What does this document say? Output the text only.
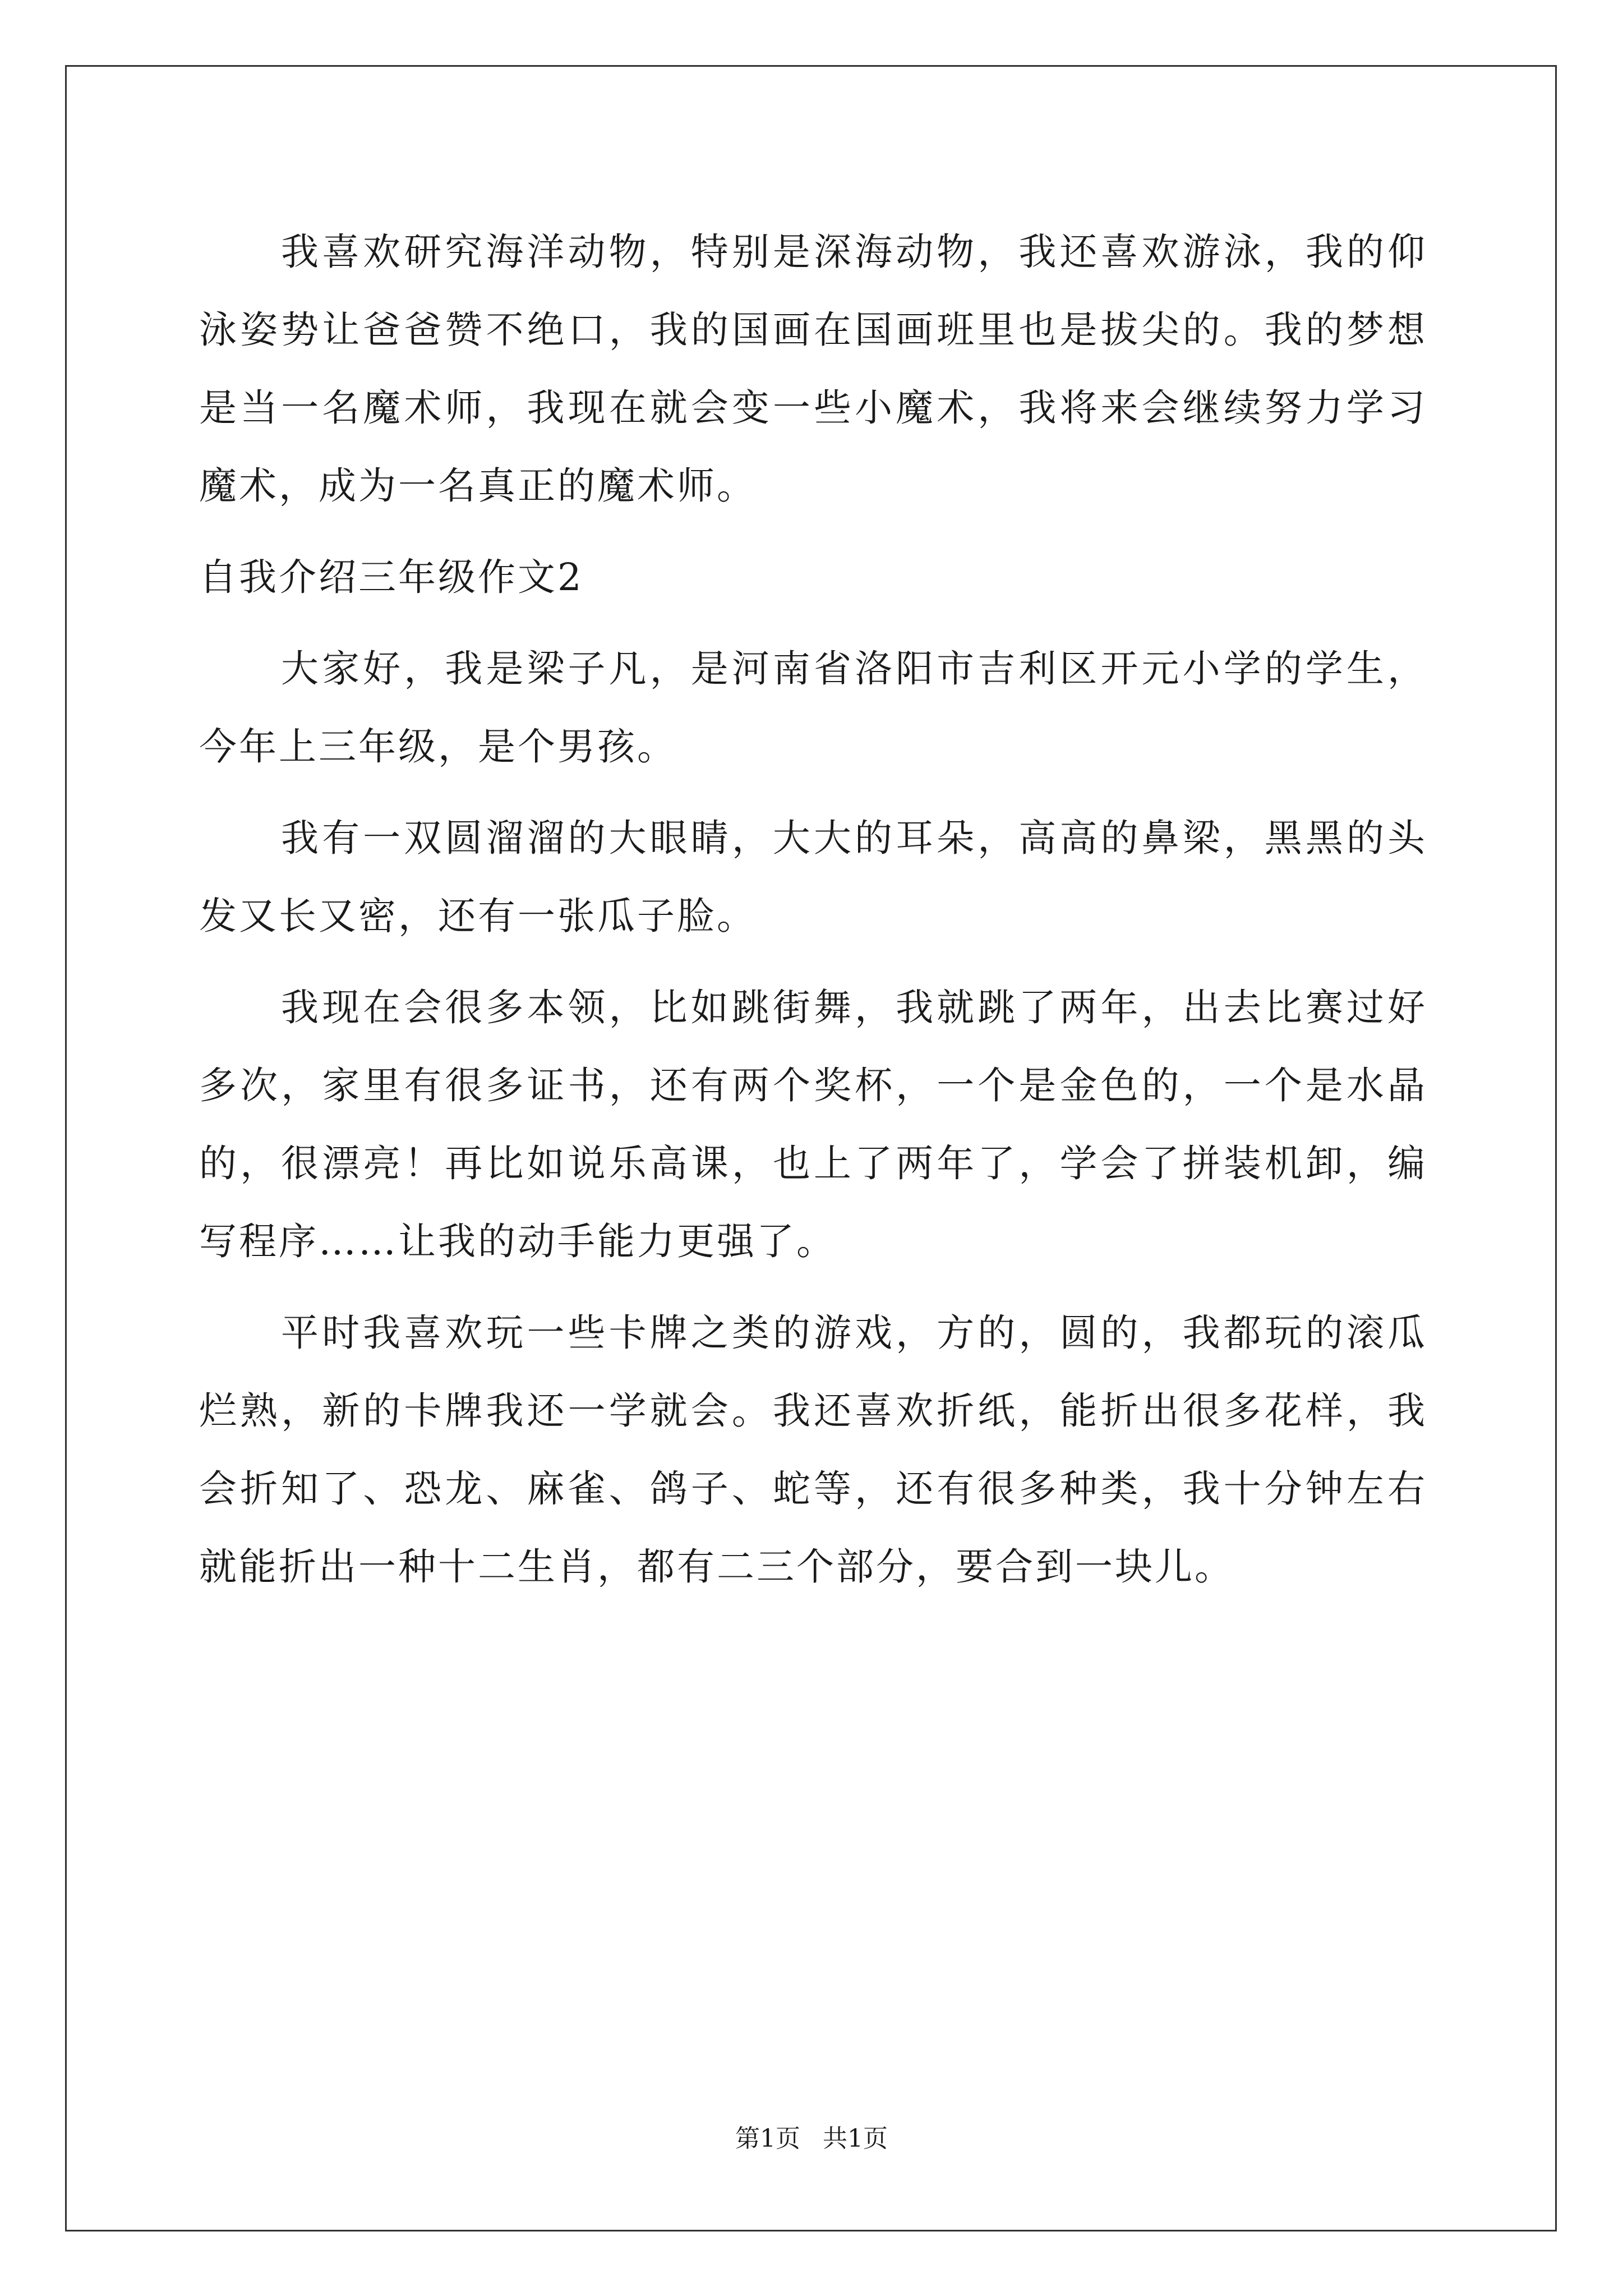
我喜欢研究海洋动物，特别是深海动物，我还喜欢游泳，我的仰泳姿势让爸爸赞不绝口，我的国画在国画班里也是拔尖的。我的梦想是当一名魔术师，我现在就会变一些小魔术，我将来会继续努力学习魔术，成为一名真正的魔术师。

自我介绍三年级作文2

大家好，我是梁子凡，是河南省洛阳市吉利区开元小学的学生，今年上三年级，是个男孩。

我有一双圆溜溜的大眼睛，大大的耳朵，高高的鼻梁，黑黑的头发又长又密，还有一张瓜子脸。

我现在会很多本领，比如跳街舞，我就跳了两年，出去比赛过好多次，家里有很多证书，还有两个奖杯，一个是金色的，一个是水晶的，很漂亮！再比如说乐高课，也上了两年了，学会了拼装机卸，编写程序……让我的动手能力更强了。

平时我喜欢玩一些卡牌之类的游戏，方的，圆的，我都玩的滚瓜烂熟，新的卡牌我还一学就会。我还喜欢折纸，能折出很多花样，我会折知了、恐龙、麻雀、鸽子、蛇等，还有很多种类，我十分钟左右就能折出一种十二生肖，都有二三个部分，要合到一块儿。

第1页 共1页
